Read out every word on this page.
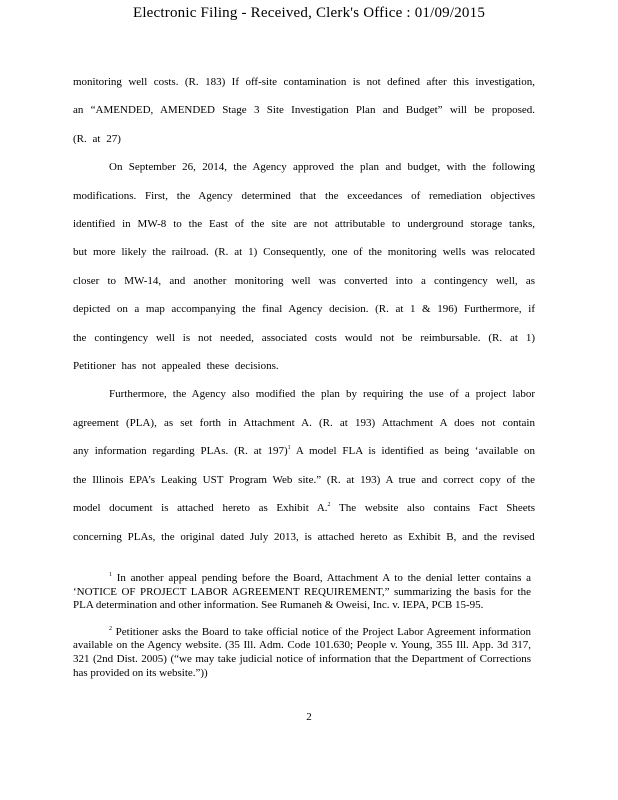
Electronic Filing - Received, Clerk's Office : 01/09/2015

monitoring well costs. (R. 183) If off-site contamination is not defined after this investigation, an “AMENDED, AMENDED Stage 3 Site Investigation Plan and Budget” will be proposed. (R. at 27)

On September 26, 2014, the Agency approved the plan and budget, with the following modifications. First, the Agency determined that the exceedances of remediation objectives identified in MW-8 to the East of the site are not attributable to underground storage tanks, but more likely the railroad. (R. at 1) Consequently, one of the monitoring wells was relocated closer to MW-14, and another monitoring well was converted into a contingency well, as depicted on a map accompanying the final Agency decision. (R. at 1 & 196) Furthermore, if the contingency well is not needed, associated costs would not be reimbursable. (R. at 1) Petitioner has not appealed these decisions.

Furthermore, the Agency also modified the plan by requiring the use of a project labor agreement (PLA), as set forth in Attachment A. (R. at 193) Attachment A does not contain any information regarding PLAs. (R. at 197)$^1$ A model FLA is identified as being ‘available on the Illinois EPA’s Leaking UST Program Web site.” (R. at 193) A true and correct copy of the model document is attached hereto as Exhibit A.$^2$ The website also contains Fact Sheets concerning PLAs, the original dated July 2013, is attached hereto as Exhibit B, and the revised

$^1$ In another appeal pending before the Board, Attachment A to the denial letter contains a ‘NOTICE OF PROJECT LABOR AGREEMENT REQUIREMENT,” summarizing the basis for the PLA determination and other information. See Rumaneh & Oweisi, Inc. v. IEPA, PCB 15-95.

$^2$ Petitioner asks the Board to take official notice of the Project Labor Agreement information available on the Agency website. (35 Ill. Adm. Code 101.630; People v. Young, 355 Ill. App. 3d 317, 321 (2nd Dist. 2005) (“we may take judicial notice of information that the Department of Corrections has provided on its website.”))

2
